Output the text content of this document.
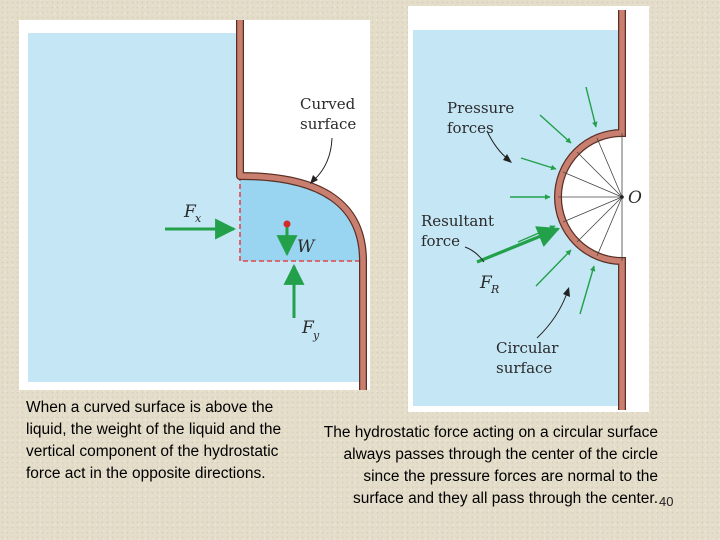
Curved
surface
F x
W
F y
Pressure
forces
O
Resultant
force
F R
Circular
surface

When a curved surface is above the liquid, the weight of the liquid and the vertical component of the hydrostatic force act in the opposite directions.

The hydrostatic force acting on a circular surface always passes through the center of the circle since the pressure forces are normal to the surface and they all pass through the center. 40
